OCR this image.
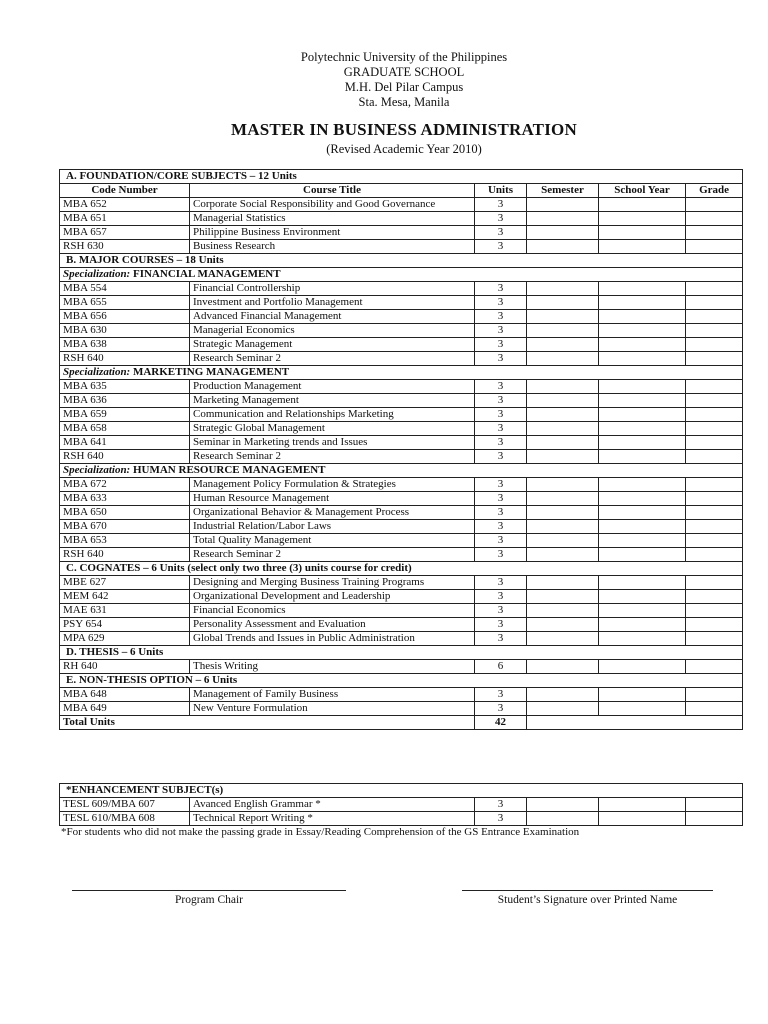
Polytechnic University of the Philippines
GRADUATE SCHOOL
M.H. Del Pilar Campus
Sta. Mesa, Manila
MASTER IN BUSINESS ADMINISTRATION
(Revised Academic Year 2010)
A. FOUNDATION/CORE SUBJECTS – 12 Units					
Code Number	Course Title	Units	Semester	School Year	Grade
MBA 652	Corporate Social Responsibility and Good Governance	3			
MBA 651	Managerial Statistics	3			
MBA 657	Philippine Business Environment	3			
RSH 630	Business Research	3			
B. MAJOR COURSES – 18 Units					
Specialization: FINANCIAL MANAGEMENT					
MBA 554	Financial Controllership	3			
MBA 655	Investment and Portfolio Management	3			
MBA 656	Advanced Financial Management	3			
MBA 630	Managerial Economics	3			
MBA 638	Strategic Management	3			
RSH 640	Research Seminar 2	3			
Specialization: MARKETING MANAGEMENT					
MBA 635	Production Management	3			
MBA 636	Marketing Management	3			
MBA 659	Communication and Relationships Marketing	3			
MBA 658	Strategic Global Management	3			
MBA 641	Seminar in Marketing trends and Issues	3			
RSH 640	Research Seminar 2	3			
Specialization: HUMAN RESOURCE MANAGEMENT					
MBA 672	Management Policy Formulation & Strategies	3			
MBA 633	Human Resource Management	3			
MBA 650	Organizational Behavior & Management Process	3			
MBA 670	Industrial Relation/Labor Laws	3			
MBA 653	Total Quality Management	3			
RSH 640	Research Seminar 2	3			
C. COGNATES – 6 Units (select only two three (3) units course for credit)					
MBE 627	Designing and Merging Business Training Programs	3			
MEM 642	Organizational Development and Leadership	3			
MAE 631	Financial Economics	3			
PSY 654	Personality Assessment and Evaluation	3			
MPA 629	Global Trends and Issues in Public Administration	3			
D. THESIS – 6 Units					
RH 640	Thesis Writing	6			
E. NON-THESIS OPTION – 6 Units					
MBA 648	Management of Family Business	3			
MBA 649	New Venture Formulation	3			
Total Units		42			
*ENHANCEMENT SUBJECT(s)					
TESL 609/MBA 607	Avanced English Grammar *	3			
TESL 610/MBA 608	Technical Report Writing *	3			
*For students who did not make the passing grade in Essay/Reading Comprehension of the GS Entrance Examination
Program Chair	Student’s Signature over Printed Name
